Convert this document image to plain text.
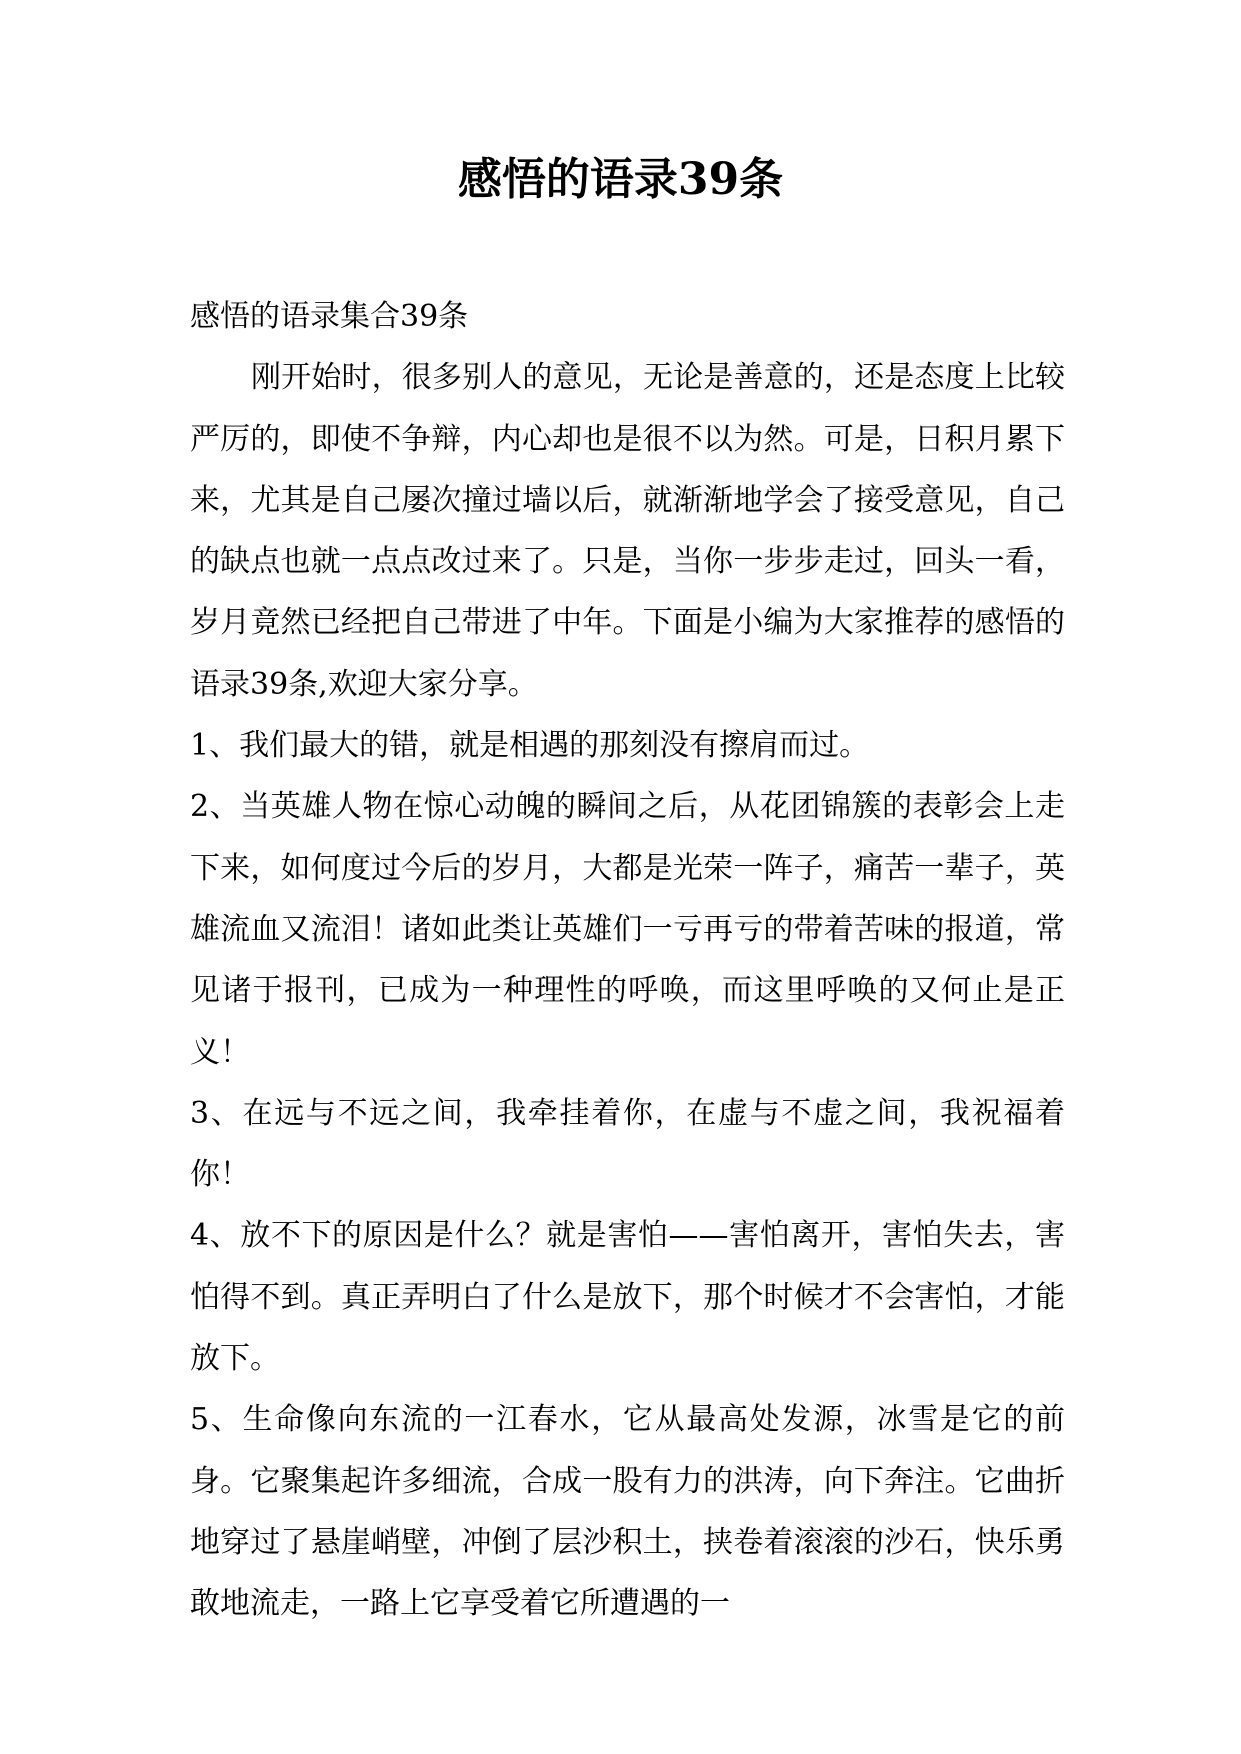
感悟的语录39条

感悟的语录集合39条

刚开始时，很多别人的意见，无论是善意的，还是态度上比较严厉的，即使不争辩，内心却也是很不以为然。可是，日积月累下来，尤其是自己屡次撞过墙以后，就渐渐地学会了接受意见，自己的缺点也就一点点改过来了。只是，当你一步步走过，回头一看，岁月竟然已经把自己带进了中年。下面是小编为大家推荐的感悟的语录39条,欢迎大家分享。

1、我们最大的错，就是相遇的那刻没有擦肩而过。

2、当英雄人物在惊心动魄的瞬间之后，从花团锦簇的表彰会上走下来，如何度过今后的岁月，大都是光荣一阵子，痛苦一辈子，英雄流血又流泪！诸如此类让英雄们一亏再亏的带着苦味的报道，常见诸于报刊，已成为一种理性的呼唤，而这里呼唤的又何止是正义！

3、在远与不远之间，我牵挂着你，在虚与不虚之间，我祝福着你！

4、放不下的原因是什么？就是害怕——害怕离开，害怕失去，害怕得不到。真正弄明白了什么是放下，那个时候才不会害怕，才能放下。

5、生命像向东流的一江春水，它从最高处发源，冰雪是它的前身。它聚集起许多细流，合成一股有力的洪涛，向下奔注。它曲折地穿过了悬崖峭壁，冲倒了层沙积土，挟卷着滚滚的沙石，快乐勇敢地流走，一路上它享受着它所遭遇的一
